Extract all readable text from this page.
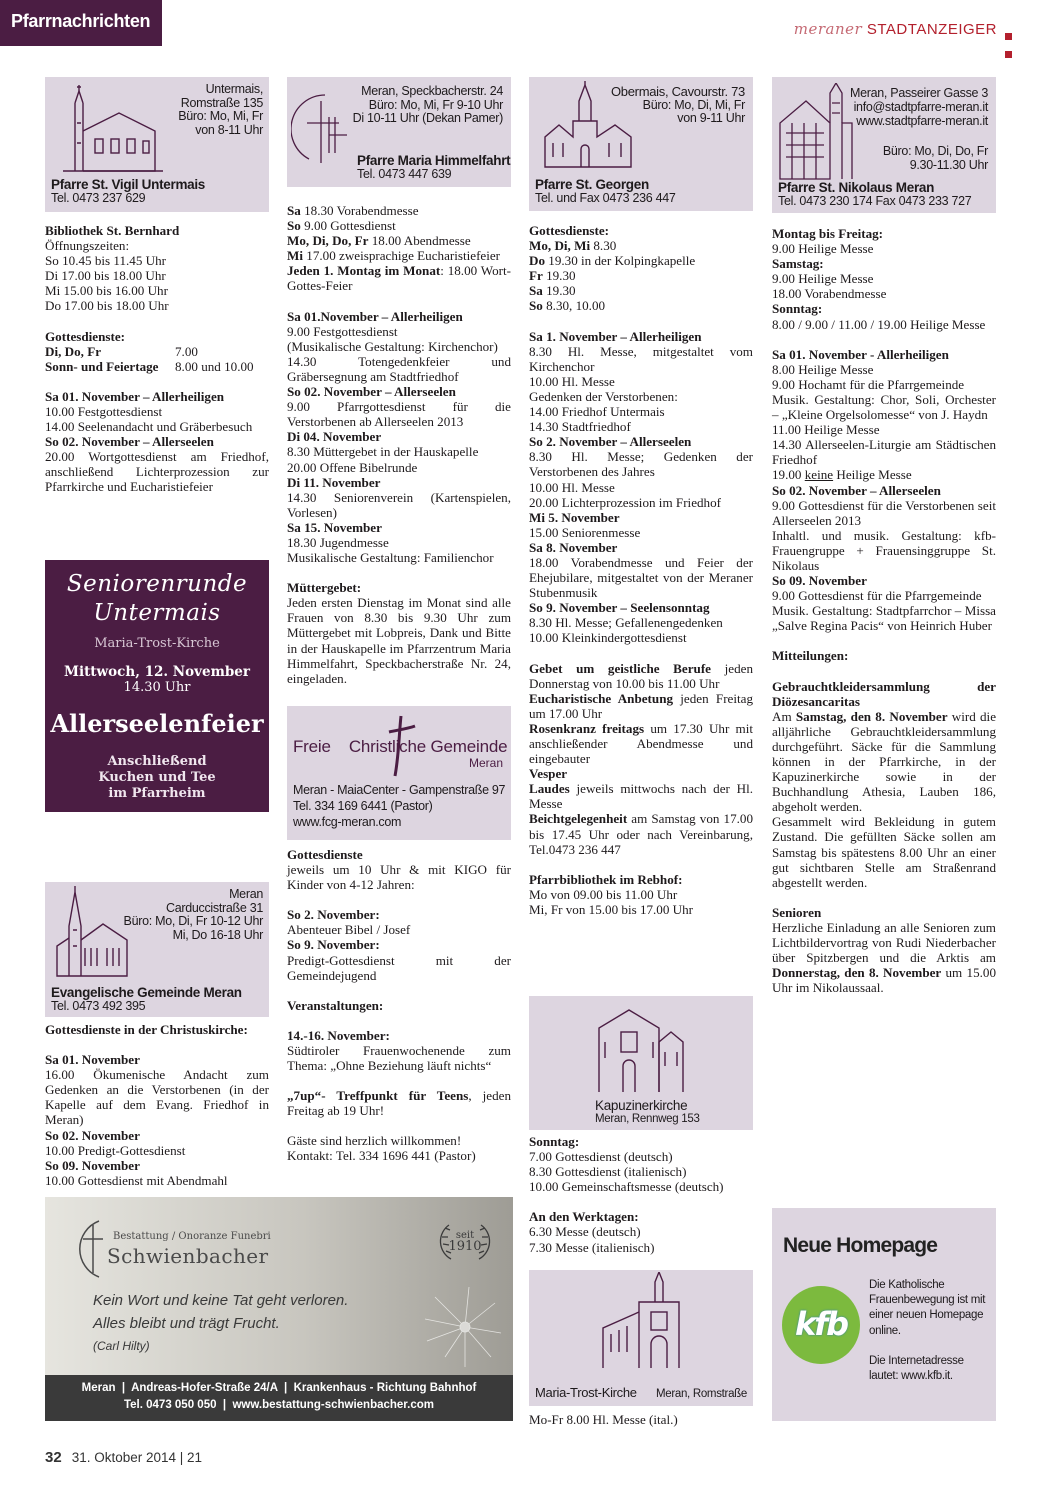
Pfarrnachrichten	meraner STADTANZEIGER
Untermais,
Romstraße 135
Büro: Mo, Mi, Fr
von 8-11 Uhr
Pfarre St. Vigil Untermais
Tel. 0473 237 629

Bibliothek St. Bernhard

Öffnungszeiten:

So 10.45 bis 11.45 Uhr

Di 17.00 bis 18.00 Uhr

Mi 15.00 bis 16.00 Uhr

Do 17.00 bis 18.00 Uhr

Gottesdienste:

Di, Do, Fr	7.00

Sonn- und Feiertage	8.00 und 10.00

Sa 01. November – Allerheiligen

10.00 Festgottesdienst

14.00 Seelenandacht und Gräberbesuch

So 02. November – Allerseelen

20.00 Wortgottesdienst am Friedhof, anschließend Lichterprozession zur Pfarrkirche und Eucharistiefeier

Seniorenrunde
Untermais
Maria-Trost-Kirche
Mittwoch, 12. November
14.30 Uhr
Allerseelenfeier
Anschließend
Kuchen und Tee
im Pfarrheim
Meran
Carduccistraße 31
Büro: Mo, Di, Fr 10-12 Uhr
Mi, Do 16-18 Uhr
Evangelische Gemeinde Meran
Tel. 0473 492 395

Gottesdienste in der Christuskirche:

Sa 01. November

16.00 Ökumenische Andacht zum Gedenken an die Verstorbenen (in der Kapelle auf dem Evang. Friedhof in Meran)

So 02. November

10.00 Predigt-Gottesdienst

So 09. November

10.00 Gottesdienst mit Abendmahl

Meran, Speckbacherstr. 24
Büro: Mo, Mi, Fr 9-10 Uhr
Di 10-11 Uhr (Dekan Pamer)
Pfarre Maria Himmelfahrt
Tel. 0473 447 639

Sa 18.30 Vorabendmesse

So 9.00 Gottesdienst

Mo, Di, Do, Fr 18.00 Abendmesse

Mi 17.00 zweisprachige Eucharistiefeier

Jeden 1. Montag im Monat: 18.00 Wort-Gottes-Feier

Sa 01.November – Allerheiligen

9.00 Festgottesdienst

(Musikalische Gestaltung: Kirchenchor)

14.30 Totengedenkfeier und Gräbersegnung am Stadtfriedhof

So 02. November – Allerseelen

9.00 Pfarrgottesdienst für die Verstorbenen ab Allerseelen 2013

Di 04. November

8.30 Müttergebet in der Hauskapelle

20.00 Offene Bibelrunde

Di 11. November

14.30 Seniorenverein (Kartenspielen, Vorlesen)

Sa 15. November

18.30 Jugendmesse

Musikalische Gestaltung: Familienchor

Müttergebet:

Jeden ersten Dienstag im Monat sind alle Frauen von 8.30 bis 9.30 Uhr zum Müttergebet mit Lobpreis, Dank und Bitte in der Hauskapelle im Pfarrzentrum Maria Himmelfahrt, Speckbacherstraße Nr. 24, eingeladen.

Freie Christliche Gemeinde
Meran
Meran - MaiaCenter - Gampenstraße 97
Tel. 334 169 6441 (Pastor)
www.fcg-meran.com

Gottesdienste

jeweils um 10 Uhr & mit KIGO für Kinder von 4-12 Jahren:

So 2. November:

Abenteuer Bibel / Josef

So 9. November:

Predigt-Gottesdienst mit der Gemeindejugend

Veranstaltungen:

14.-16. November:

Südtiroler Frauenwochenende zum Thema: „Ohne Beziehung läuft nichts“

„7up“- Treffpunkt für Teens, jeden Freitag ab 19 Uhr!

Gäste sind herzlich willkommen!

Kontakt: Tel. 334 1696 441 (Pastor)

Bestattung / Onoranze Funebri
Schwienbacher
seit
1910
Kein Wort und keine Tat geht verloren.
Alles bleibt und trägt Frucht.
(Carl Hilty)
Meran  |  Andreas-Hofer-Straße 24/A  |  Krankenhaus - Richtung Bahnhof
Tel. 0473 050 050  |  www.bestattung-schwienbacher.com
Obermais, Cavourstr. 73
Büro: Mo, Di, Mi, Fr
von 9-11 Uhr
Pfarre St. Georgen
Tel. und Fax 0473 236 447

Gottesdienste:

Mo, Di, Mi 8.30

Do 19.30 in der Kolpingkapelle

Fr 19.30

Sa 19.30

So 8.30, 10.00

Sa 1. November – Allerheiligen

8.30 Hl. Messe, mitgestaltet vom Kirchenchor

10.00 Hl. Messe

Gedenken der Verstorbenen:

14.00 Friedhof Untermais

14.30 Stadtfriedhof

So 2. November – Allerseelen

8.30 Hl. Messe; Gedenken der Verstorbenen des Jahres

10.00 Hl. Messe

20.00 Lichterprozession im Friedhof

Mi 5. November

15.00 Seniorenmesse

Sa 8. November

18.00 Vorabendmesse und Feier der Ehejubilare, mitgestaltet von der Meraner Stubenmusik

So 9. November – Seelensonntag

8.30 Hl. Messe; Gefallenengedenken

10.00 Kleinkindergottesdienst

Gebet um geistliche Berufe jeden Donnerstag von 10.00 bis 11.00 Uhr

Eucharistische Anbetung jeden Freitag um 17.00 Uhr

Rosenkranz freitags um 17.30 Uhr mit anschließender Abendmesse und eingebauter

Vesper

Laudes jeweils mittwochs nach der Hl. Messe

Beichtgelegenheit am Samstag von 17.00 bis 17.45 Uhr oder nach Vereinbarung, Tel.0473 236 447

Pfarrbibliothek im Rebhof:

Mo von 09.00 bis 11.00 Uhr

Mi, Fr von 15.00 bis 17.00 Uhr

Kapuzinerkirche
Meran, Rennweg 153

Sonntag:

7.00 Gottesdienst (deutsch)

8.30 Gottesdienst (italienisch)

10.00 Gemeinschaftsmesse (deutsch)

An den Werktagen:

6.30 Messe (deutsch)

7.30 Messe (italienisch)

Maria-Trost-Kirche Meran, Romstraße

Mo-Fr 8.00 Hl. Messe (ital.)

Meran, Passeirer Gasse 3
info@stadtpfarre-meran.it
www.stadtpfarre-meran.it
Büro: Mo, Di, Do, Fr
9.30-11.30 Uhr
Pfarre St. Nikolaus Meran
Tel. 0473 230 174 Fax 0473 233 727

Montag bis Freitag:

9.00 Heilige Messe

Samstag:

9.00 Heilige Messe

18.00 Vorabendmesse

Sonntag:

8.00 / 9.00 / 11.00 / 19.00 Heilige Messe

Sa 01. November - Allerheiligen

8.00 Heilige Messe

9.00 Hochamt für die Pfarrgemeinde

Musik. Gestaltung: Chor, Soli, Orchester – „Kleine Orgelsolomesse“ von J. Haydn

11.00 Heilige Messe

14.30 Allerseelen-Liturgie am Städtischen Friedhof

19.00 keine Heilige Messe

So 02. November – Allerseelen

9.00 Gottesdienst für die Verstorbenen seit Allerseelen 2013

Inhaltl. und musik. Gestaltung: kfb-Frauengruppe + Frauensinggruppe St. Nikolaus

So 09. November

9.00 Gottesdienst für die Pfarrgemeinde

Musik. Gestaltung: Stadtpfarrchor – Missa „Salve Regina Pacis“ von Heinrich Huber

Mitteilungen:

Gebrauchtkleidersammlung der Diözesancaritas

Am Samstag, den 8. November wird die alljährliche Gebrauchtkleidersammlung durchgeführt. Säcke für die Sammlung können in der Pfarrkirche, in der Kapuzinerkirche sowie in der Buchhandlung Athesia, Lauben 186, abgeholt werden.

Gesammelt wird Bekleidung in gutem Zustand. Die gefüllten Säcke sollen am Samstag bis spätestens 8.00 Uhr an einer gut sichtbaren Stelle am Straßenrand abgestellt werden.

Senioren

Herzliche Einladung an alle Senioren zum Lichtbildervortrag von Rudi Niederbacher über Spitzbergen und die Arktis am Donnerstag, den 8. November um 15.00 Uhr im Nikolaussaal.

Neue Homepage
kfb

Die Katholische Frauenbewegung ist mit einer neuen Homepage online.

Die Internetadresse lautet: www.kfb.it.

32 31. Oktober 2014 | 21
